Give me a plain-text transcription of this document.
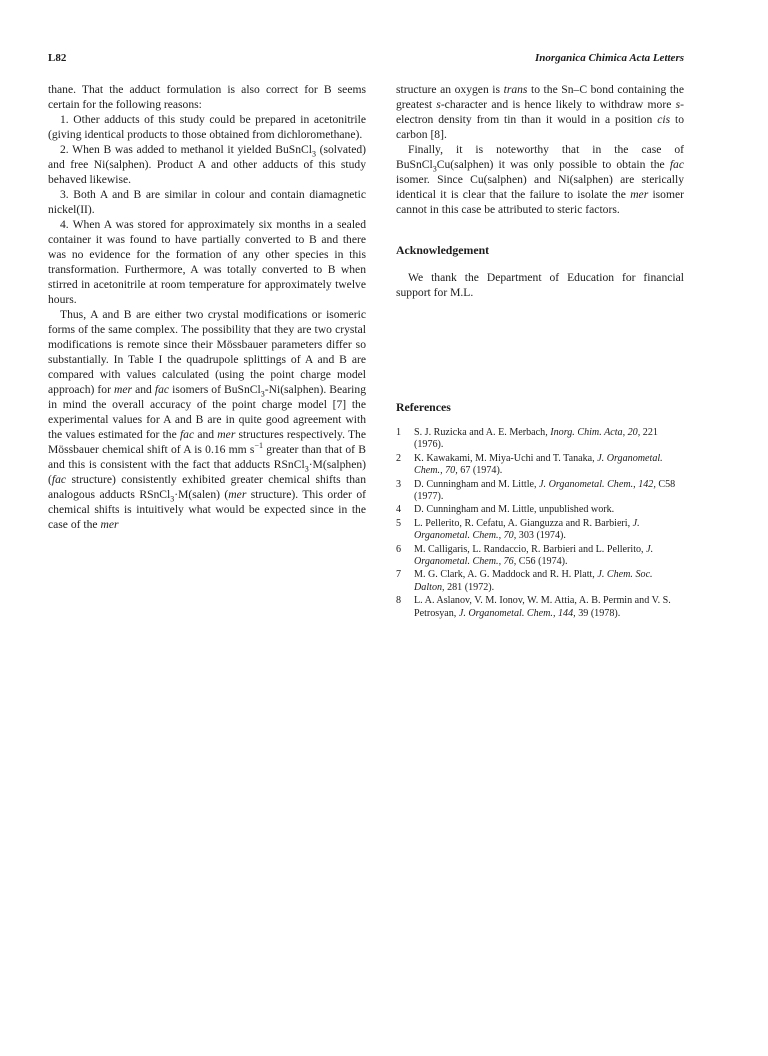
L82	Inorganica Chimica Acta Letters

thane. That the adduct formulation is also correct for B seems certain for the following reasons:

1. Other adducts of this study could be prepared in acetonitrile (giving identical products to those obtained from dichloromethane).

2. When B was added to methanol it yielded BuSnCl$_3$ (solvated) and free Ni(salphen). Product A and other adducts of this study behaved likewise.

3. Both A and B are similar in colour and contain diamagnetic nickel(II).

4. When A was stored for approximately six months in a sealed container it was found to have partially converted to B and there was no evidence for the formation of any other species in this transformation. Furthermore, A was totally converted to B when stirred in acetonitrile at room temperature for approximately twelve hours.

Thus, A and B are either two crystal modifications or isomeric forms of the same complex. The possibility that they are two crystal modifications is remote since their Mössbauer parameters differ so substantially. In Table I the quadrupole splittings of A and B are compared with values calculated (using the point charge model approach) for mer and fac isomers of BuSnCl$_3$-Ni(salphen). Bearing in mind the overall accuracy of the point charge model [7] the experimental values for A and B are in quite good agreement with the values estimated for the fac and mer structures respectively. The Mössbauer chemical shift of A is 0.16 mm $s^{-1}$ greater than that of B and this is consistent with the fact that adducts RSnCl$_3$·M(salphen) (fac structure) consistently exhibited greater chemical shifts than analogous adducts RSnCl$_3$·M(salen) (mer structure). This order of chemical shifts is intuitively what would be expected since in the case of the mer

structure an oxygen is trans to the Sn–C bond containing the greatest s-character and is hence likely to withdraw more s-electron density from tin than it would in a position cis to carbon [8].

Finally, it is noteworthy that in the case of BuSnCl$_3$Cu(salphen) it was only possible to obtain the fac isomer. Since Cu(salphen) and Ni(salphen) are sterically identical it is clear that the failure to isolate the mer isomer cannot in this case be attributed to steric factors.

Acknowledgement

We thank the Department of Education for financial support for M.L.

References
1	S. J. Ruzicka and A. E. Merbach, Inorg. Chim. Acta, 20, 221 (1976).
2	K. Kawakami, M. Miya-Uchi and T. Tanaka, J. Organometal. Chem., 70, 67 (1974).
3	D. Cunningham and M. Little, J. Organometal. Chem., 142, C58 (1977).
4	D. Cunningham and M. Little, unpublished work.
5	L. Pellerito, R. Cefatu, A. Gianguzza and R. Barbieri, J. Organometal. Chem., 70, 303 (1974).
6	M. Calligaris, L. Randaccio, R. Barbieri and L. Pellerito, J. Organometal. Chem., 76, C56 (1974).
7	M. G. Clark, A. G. Maddock and R. H. Platt, J. Chem. Soc. Dalton, 281 (1972).
8	L. A. Aslanov, V. M. Ionov, W. M. Attia, A. B. Permin and V. S. Petrosyan, J. Organometal. Chem., 144, 39 (1978).
